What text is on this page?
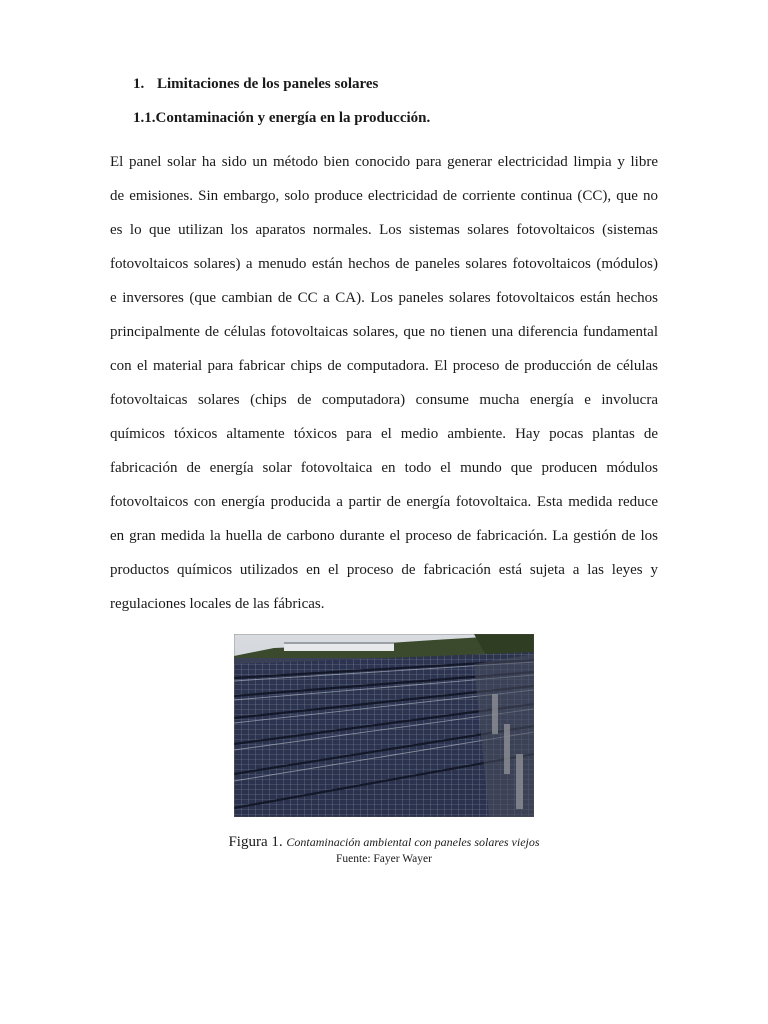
1. Limitaciones de los paneles solares
1.1.Contaminación y energía en la producción.
El panel solar ha sido un método bien conocido para generar electricidad limpia y libre
de emisiones. Sin embargo, solo produce electricidad de corriente continua (CC), que no
es lo que utilizan los aparatos normales. Los sistemas solares fotovoltaicos (sistemas
fotovoltaicos solares) a menudo están hechos de paneles solares fotovoltaicos (módulos)
e inversores (que cambian de CC a CA). Los paneles solares fotovoltaicos están hechos
principalmente de células fotovoltaicas solares, que no tienen una diferencia fundamental
con el material para fabricar chips de computadora. El proceso de producción de células
fotovoltaicas solares (chips de computadora) consume mucha energía e involucra
químicos tóxicos altamente tóxicos para el medio ambiente. Hay pocas plantas de
fabricación de energía solar fotovoltaica en todo el mundo que producen módulos
fotovoltaicos con energía producida a partir de energía fotovoltaica. Esta medida reduce
en gran medida la huella de carbono durante el proceso de fabricación. La gestión de los
productos químicos utilizados en el proceso de fabricación está sujeta a las leyes y
regulaciones locales de las fábricas.
Figura 1. Contaminación ambiental con paneles solares viejos
Fuente: Fayer Wayer
